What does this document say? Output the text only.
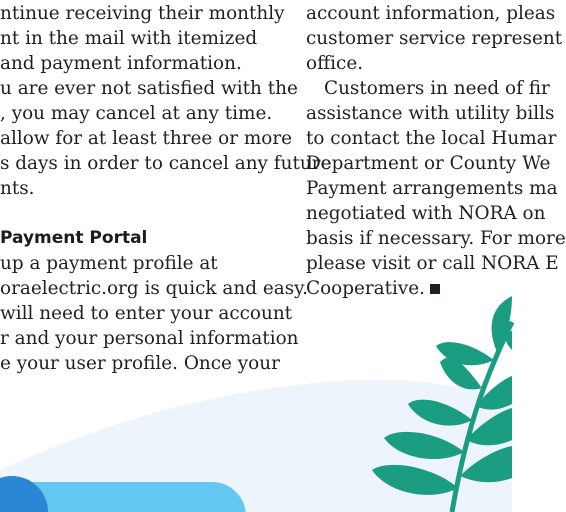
ntinue receiving their monthly
nt in the mail with itemized
and payment information.
u are ever not satisfied with the
, you may cancel at any time.
allow for at least three or more
s days in order to cancel any future
nts.
Payment Portal
up a payment profile at
oraelectric.org is quick and easy.
will need to enter your account
r and your personal information
e your user profile. Once your
account information, pleas
customer service represent
office.
Customers in need of fir
assistance with utility bills
to contact the local Humar
Department or County We
Payment arrangements ma
negotiated with NORA on
basis if necessary. For more
please visit or call NORA E
Cooperative.
